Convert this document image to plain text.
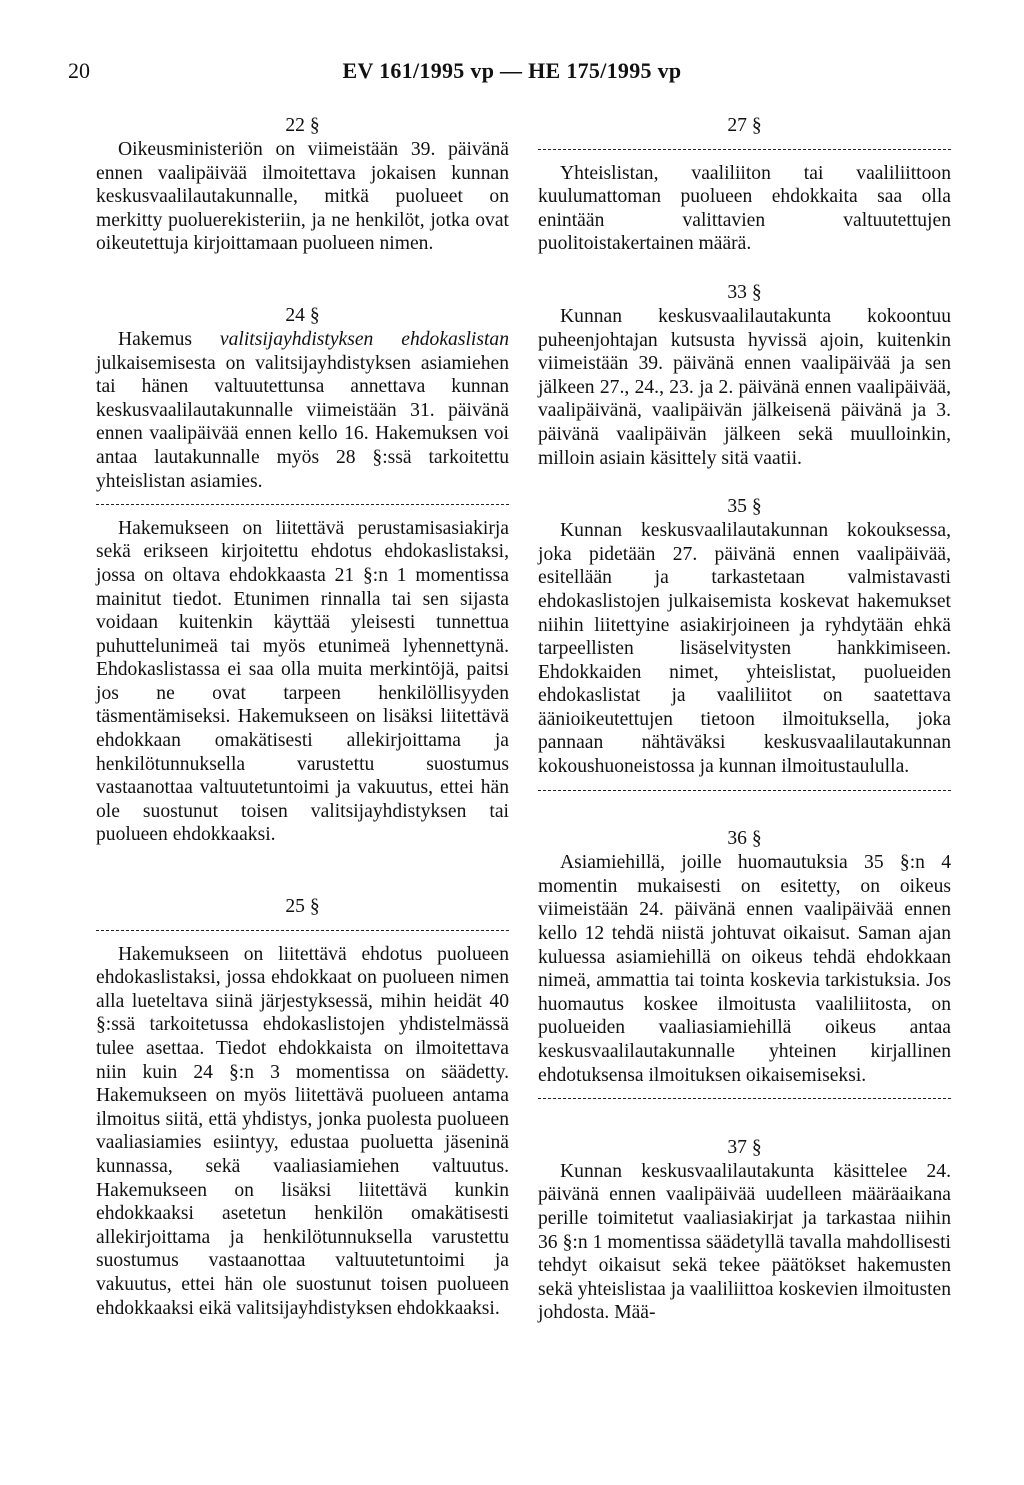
20	EV 161/1995 vp — HE 175/1995 vp

22 §

Oikeusministeriön on viimeistään 39. päivänä ennen vaalipäivää ilmoitettava jokaisen kunnan keskusvaalilautakunnalle, mitkä puolueet on merkitty puoluerekisteriin, ja ne henkilöt, jotka ovat oikeutettuja kirjoittamaan puolueen nimen.

24 §

Hakemus valitsijayhdistyksen ehdokaslistan julkaisemisesta on valitsijayhdistyksen asiamiehen tai hänen valtuutettunsa annettava kunnan keskusvaalilautakunnalle viimeistään 31. päivänä ennen vaalipäivää ennen kello 16. Hakemuksen voi antaa lautakunnalle myös 28 §:ssä tarkoitettu yhteislistan asiamies.

Hakemukseen on liitettävä perustamisasiakirja sekä erikseen kirjoitettu ehdotus ehdokaslistaksi, jossa on oltava ehdokkaasta 21 §:n 1 momentissa mainitut tiedot. Etunimen rinnalla tai sen sijasta voidaan kuitenkin käyttää yleisesti tunnettua puhuttelunimeä tai myös etunimeä lyhennettynä. Ehdokaslistassa ei saa olla muita merkintöjä, paitsi jos ne ovat tarpeen henkilöllisyyden täsmentämiseksi. Hakemukseen on lisäksi liitettävä ehdokkaan omakätisesti allekirjoittama ja henkilötunnuksella varustettu suostumus vastaanottaa valtuutetuntoimi ja vakuutus, ettei hän ole suostunut toisen valitsijayhdistyksen tai puolueen ehdokkaaksi.

25 §

Hakemukseen on liitettävä ehdotus puolueen ehdokaslistaksi, jossa ehdokkaat on puolueen nimen alla lueteltava siinä järjestyksessä, mihin heidät 40 §:ssä tarkoitetussa ehdokaslistojen yhdistelmässä tulee asettaa. Tiedot ehdokkaista on ilmoitettava niin kuin 24 §:n 3 momentissa on säädetty. Hakemukseen on myös liitettävä puolueen antama ilmoitus siitä, että yhdistys, jonka puolesta puolueen vaaliasiamies esiintyy, edustaa puoluetta jäseninä kunnassa, sekä vaaliasiamiehen valtuutus. Hakemukseen on lisäksi liitettävä kunkin ehdokkaaksi asetetun henkilön omakätisesti allekirjoittama ja henkilötunnuksella varustettu suostumus vastaanottaa valtuutetuntoimi ja vakuutus, ettei hän ole suostunut toisen puolueen ehdokkaaksi eikä valitsijayhdistyksen ehdokkaaksi.

27 §

Yhteislistan, vaaliliiton tai vaaliliittoon kuulumattoman puolueen ehdokkaita saa olla enintään valittavien valtuutettujen puolitoistakertainen määrä.

33 §

Kunnan keskusvaalilautakunta kokoontuu puheenjohtajan kutsusta hyvissä ajoin, kuitenkin viimeistään 39. päivänä ennen vaalipäivää ja sen jälkeen 27., 24., 23. ja 2. päivänä ennen vaalipäivää, vaalipäivänä, vaalipäivän jälkeisenä päivänä ja 3. päivänä vaalipäivän jälkeen sekä muulloinkin, milloin asiain käsittely sitä vaatii.

35 §

Kunnan keskusvaalilautakunnan kokouksessa, joka pidetään 27. päivänä ennen vaalipäivää, esitellään ja tarkastetaan valmistavasti ehdokaslistojen julkaisemista koskevat hakemukset niihin liitettyine asiakirjoineen ja ryhdytään ehkä tarpeellisten lisäselvitysten hankkimiseen. Ehdokkaiden nimet, yhteislistat, puolueiden ehdokaslistat ja vaaliliitot on saatettava äänioikeutettujen tietoon ilmoituksella, joka pannaan nähtäväksi keskusvaalilautakunnan kokoushuoneistossa ja kunnan ilmoitustaululla.

36 §

Asiamiehillä, joille huomautuksia 35 §:n 4 momentin mukaisesti on esitetty, on oikeus viimeistään 24. päivänä ennen vaalipäivää ennen kello 12 tehdä niistä johtuvat oikaisut. Saman ajan kuluessa asiamiehillä on oikeus tehdä ehdokkaan nimeä, ammattia tai tointa koskevia tarkistuksia. Jos huomautus koskee ilmoitusta vaaliliitosta, on puolueiden vaaliasiamiehillä oikeus antaa keskusvaalilautakunnalle yhteinen kirjallinen ehdotuksensa ilmoituksen oikaisemiseksi.

37 §

Kunnan keskusvaalilautakunta käsittelee 24. päivänä ennen vaalipäivää uudelleen määräaikana perille toimitetut vaaliasiakirjat ja tarkastaa niihin 36 §:n 1 momentissa säädetyllä tavalla mahdollisesti tehdyt oikaisut sekä tekee päätökset hakemusten sekä yhteislistaa ja vaaliliittoa koskevien ilmoitusten johdosta. Mää-
